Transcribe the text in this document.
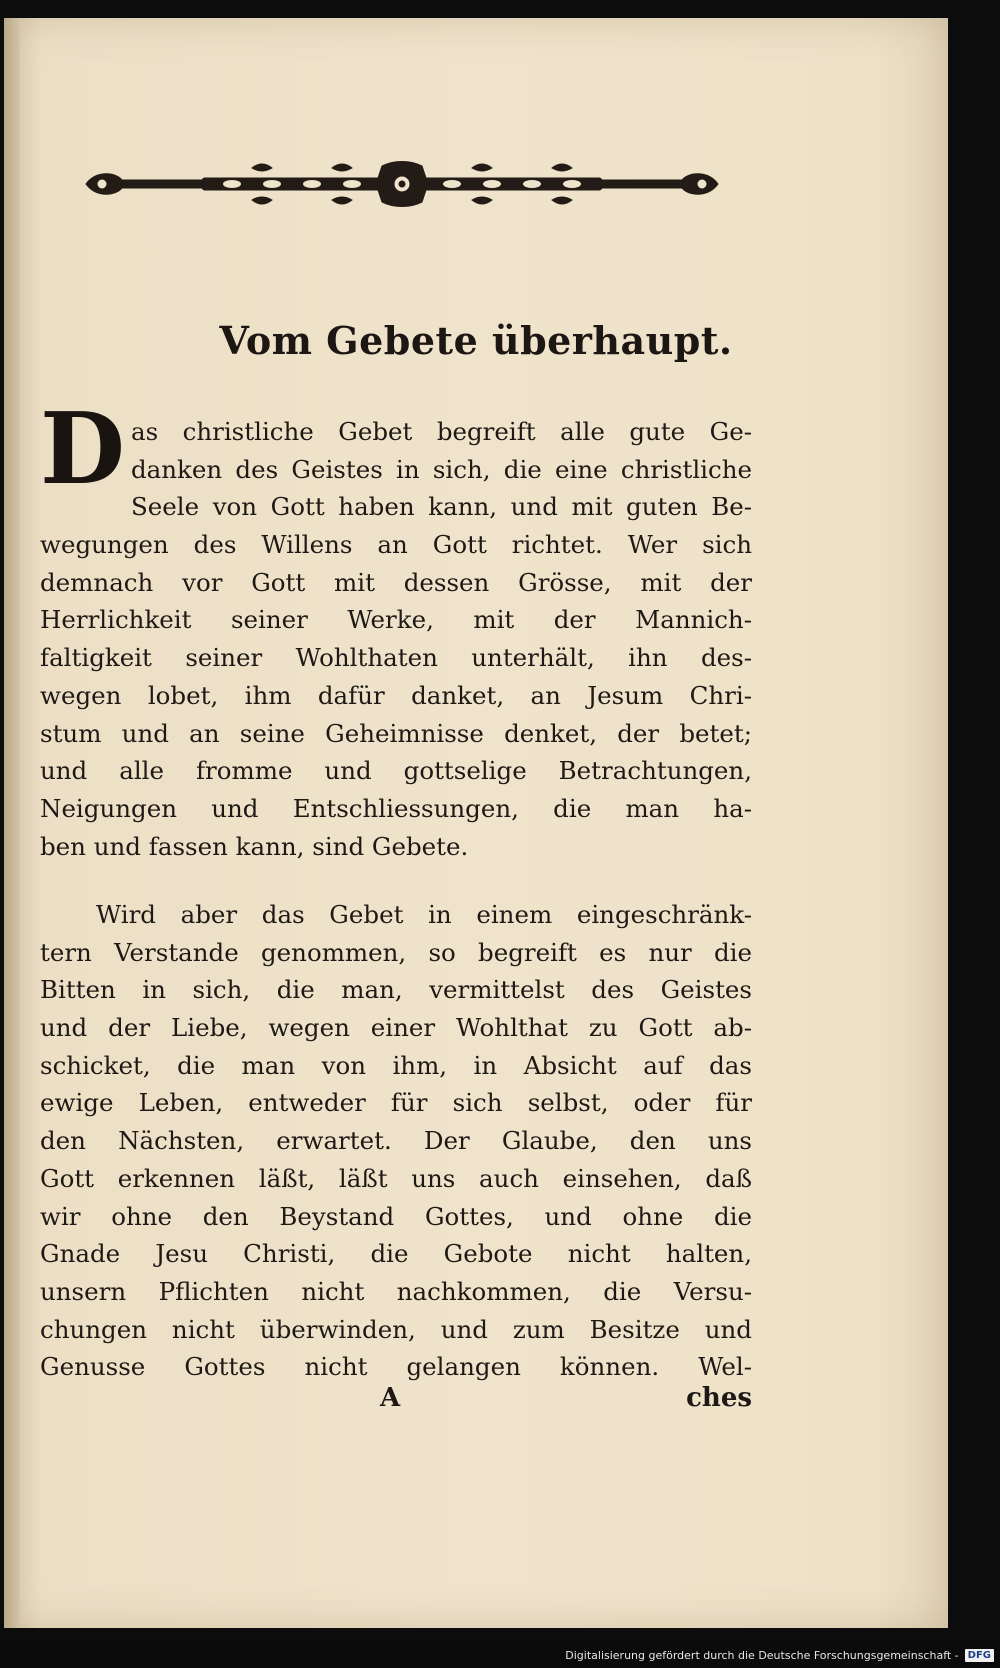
Vom Gebete überhaupt.
D as christliche Gebet begreift alle gute Ge-
danken des Geistes in sich, die eine christliche
Seele von Gott haben kann, und mit guten Be-
wegungen des Willens an Gott richtet. Wer sich
demnach vor Gott mit dessen Grösse, mit der
Herrlichkeit seiner Werke, mit der Mannich-
faltigkeit seiner Wohlthaten unterhält, ihn des-
wegen lobet, ihm dafür danket, an Jesum Chri-
stum und an seine Geheimnisse denket, der betet;
und alle fromme und gottselige Betrachtungen,
Neigungen und Entschliessungen, die man ha-
ben und fassen kann, sind Gebete.
Wird aber das Gebet in einem eingeschränk-
tern Verstande genommen, so begreift es nur die
Bitten in sich, die man, vermittelst des Geistes
und der Liebe, wegen einer Wohlthat zu Gott ab-
schicket, die man von ihm, in Absicht auf das
ewige Leben, entweder für sich selbst, oder für
den Nächsten, erwartet. Der Glaube, den uns
Gott erkennen läßt, läßt uns auch einsehen, daß
wir ohne den Beystand Gottes, und ohne die
Gnade Jesu Christi, die Gebote nicht halten,
unsern Pflichten nicht nachkommen, die Versu-
chungen nicht überwinden, und zum Besitze und
Genusse Gottes nicht gelangen können. Wel-
A	ches
Digitalisierung gefördert durch die Deutsche Forschungsgemeinschaft - DFG
